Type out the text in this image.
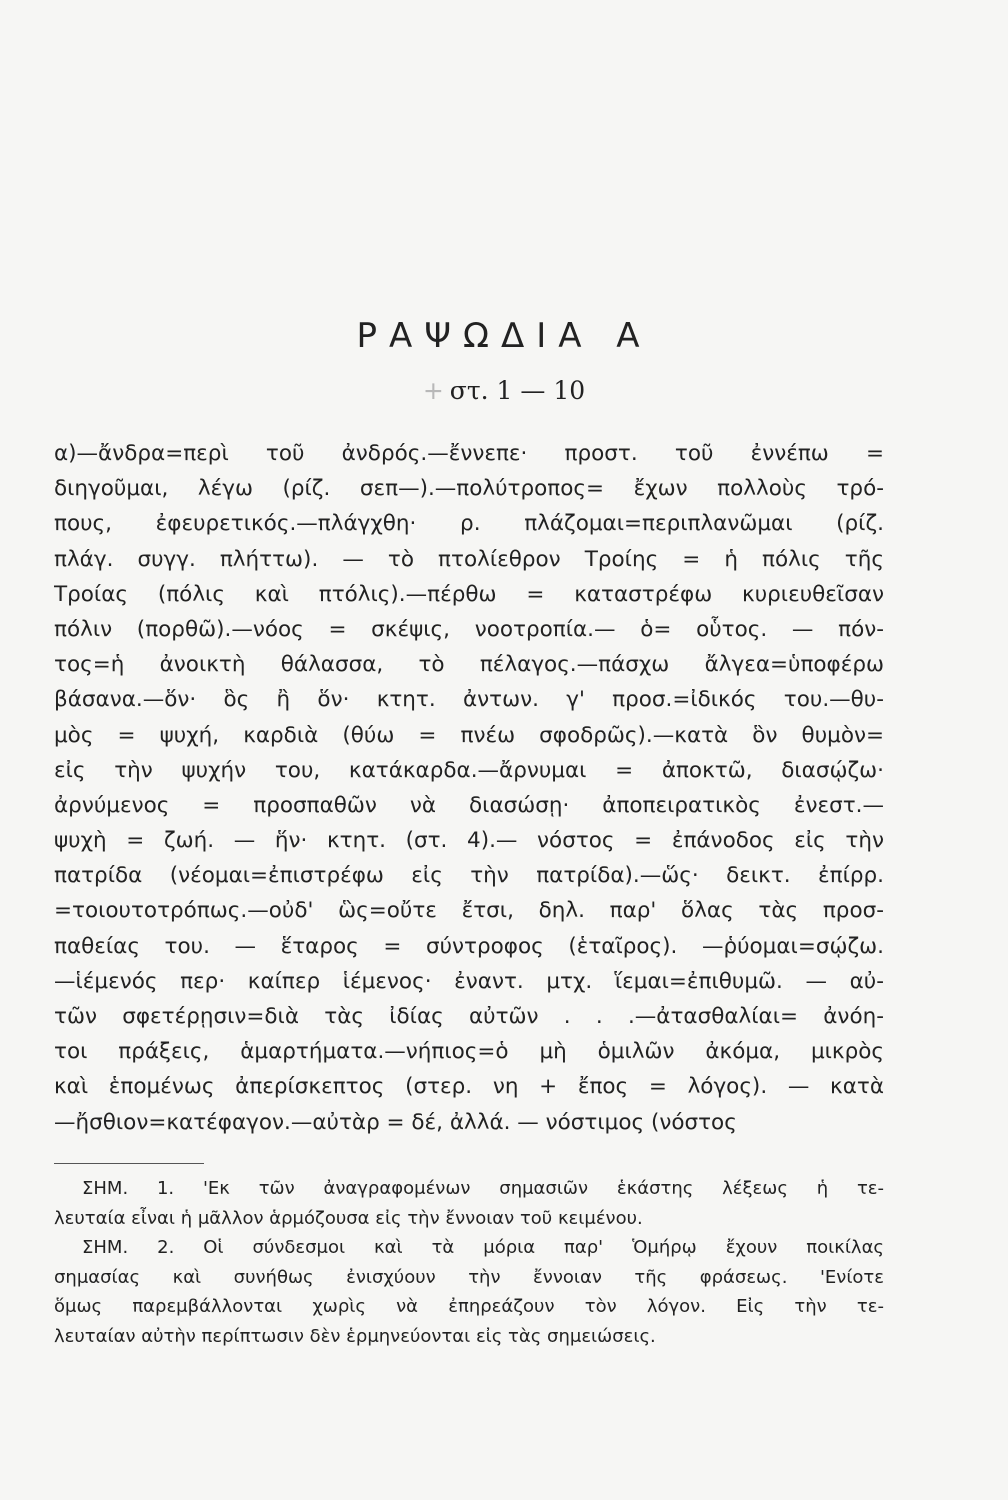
ΡΑΨΩΔΙΑ Α
+ στ. 1 — 10
α)—ἄνδρα=περὶ τοῦ ἀνδρός.—ἔννεπε· προστ. τοῦ ἐννέπω =
διηγοῦμαι, λέγω (ρίζ. σεπ—).—πολύτροπος= ἔχων πολλοὺς τρό-
πους, ἐφευρετικός.—πλάγχθη· ρ. πλάζομαι=περιπλανῶμαι (ρίζ.
πλάγ. συγγ. πλήττω). — τὸ πτολίεθρον Τροίης = ἡ πόλις τῆς
Τροίας (πόλις καὶ πτόλις).—πέρθω = καταστρέφω κυριευθεῖσαν
πόλιν (πορθῶ).—νόος = σκέψις, νοοτροπία.— ὁ= οὗτος. — πόν-
τος=ἡ ἀνοικτὴ θάλασσα, τὸ πέλαγος.—πάσχω ἄλγεα=ὑποφέρω
βάσανα.—ὅν· ὃς ἢ ὅν· κτητ. ἀντων. γ' προσ.=ἰδικός του.—θυ-
μὸς = ψυχή, καρδιὰ (θύω = πνέω σφοδρῶς).—κατὰ ὃν θυμὸν=
εἰς τὴν ψυχήν του, κατάκαρδα.—ἄρνυμαι = ἀποκτῶ, διασῴζω·
ἀρνύμενος = προσπαθῶν νὰ διασώσῃ· ἀποπειρατικὸς ἐνεστ.—
ψυχὴ = ζωή. — ἥν· κτητ. (στ. 4).— νόστος = ἐπάνοδος εἰς τὴν
πατρίδα (νέομαι=ἐπιστρέφω εἰς τὴν πατρίδα).—ὥς· δεικτ. ἐπίρρ.
=τοιουτοτρόπως.—οὐδ' ὣς=οὔτε ἔτσι, δηλ. παρ' ὅλας τὰς προσ-
παθείας του. — ἕταρος = σύντροφος (ἑταῖρος). —ῥύομαι=σῴζω.
—ἱέμενός περ· καίπερ ἱέμενος· ἐναντ. μτχ. ἵεμαι=ἐπιθυμῶ. — αὐ-
τῶν σφετέρῃσιν=διὰ τὰς ἰδίας αὐτῶν . . .—ἀτασθαλίαι= ἀνόη-
τοι πράξεις, ἁμαρτήματα.—νήπιος=ὁ μὴ ὁμιλῶν ἀκόμα, μικρὸς
καὶ ἑπομένως ἀπερίσκεπτος (στερ. νη + ἔπος = λόγος). — κατὰ
—ἤσθιον=κατέφαγον.—αὐτὰρ = δέ, ἀλλά. — νόστιμος (νόστος
ΣΗΜ. 1. 'Εκ τῶν ἀναγραφομένων σημασιῶν ἑκάστης λέξεως ἡ τε-
λευταία εἶναι ἡ μᾶλλον ἁρμόζουσα εἰς τὴν ἔννοιαν τοῦ κειμένου.
ΣΗΜ. 2. Οἱ σύνδεσμοι καὶ τὰ μόρια παρ' Ὁμήρῳ ἔχουν ποικίλας
σημασίας καὶ συνήθως ἐνισχύουν τὴν ἔννοιαν τῆς φράσεως. 'Ενίοτε
ὅμως παρεμβάλλονται χωρὶς νὰ ἐπηρεάζουν τὸν λόγον. Εἰς τὴν τε-
λευταίαν αὐτὴν περίπτωσιν δὲν ἑρμηνεύονται εἰς τὰς σημειώσεις.
